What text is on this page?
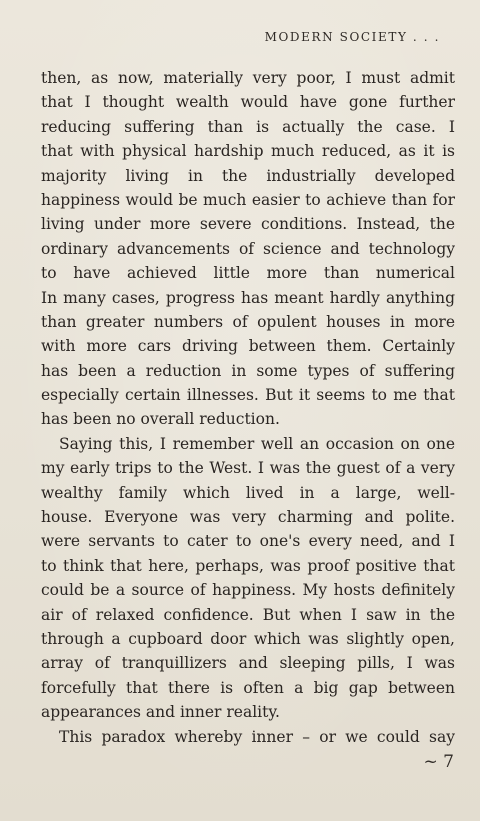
MODERN SOCIETY . . .
then, as now, materially very poor, I must admit
that I thought wealth would have gone further
reducing suffering than is actually the case. I
that with physical hardship much reduced, as it is
majority living in the industrially developed
happiness would be much easier to achieve than for
living under more severe conditions. Instead, the
ordinary advancements of science and technology
to have achieved little more than numerical
In many cases, progress has meant hardly anything
than greater numbers of opulent houses in more
with more cars driving between them. Certainly
has been a reduction in some types of suffering
especially certain illnesses. But it seems to me that
has been no overall reduction.
Saying this, I remember well an occasion on one
my early trips to the West. I was the guest of a very
wealthy family which lived in a large, well-
house. Everyone was very charming and polite.
were servants to cater to one's every need, and I
to think that here, perhaps, was proof positive that
could be a source of happiness. My hosts definitely
air of relaxed confidence. But when I saw in the
through a cupboard door which was slightly open,
array of tranquillizers and sleeping pills, I was
forcefully that there is often a big gap between
appearances and inner reality.
This paradox whereby inner – or we could say
~ 7
